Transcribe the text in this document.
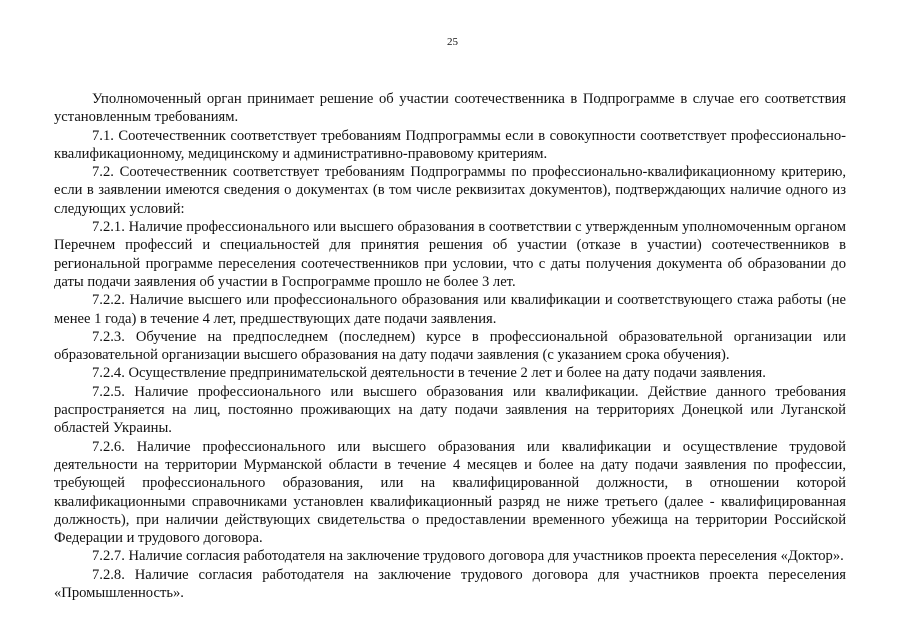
25

Уполномоченный орган принимает решение об участии соотечественника в Подпрограмме в случае его соответствия установленным требованиям.

7.1. Соотечественник соответствует требованиям Подпрограммы если в совокупности соответствует профессионально-квалификационному, медицинскому и административно-правовому критериям.

7.2. Соотечественник соответствует требованиям Подпрограммы по профессионально-квалификационному критерию, если в заявлении имеются сведения о документах (в том числе реквизитах документов), подтверждающих наличие одного из следующих условий:

7.2.1. Наличие профессионального или высшего образования в соответствии с утвержденным уполномоченным органом Перечнем профессий и специальностей для принятия решения об участии (отказе в участии) соотечественников в региональной программе переселения соотечественников при условии, что с даты получения документа об образовании до даты подачи заявления об участии в Госпрограмме прошло не более 3 лет.

7.2.2. Наличие высшего или профессионального образования или квалификации и соответствующего стажа работы (не менее 1 года) в течение 4 лет, предшествующих дате подачи заявления.

7.2.3. Обучение на предпоследнем (последнем) курсе в профессиональной образовательной организации или образовательной организации высшего образования на дату подачи заявления (с указанием срока обучения).

7.2.4. Осуществление предпринимательской деятельности в течение 2 лет и более на дату подачи заявления.

7.2.5. Наличие профессионального или высшего образования или квалификации. Действие данного требования распространяется на лиц, постоянно проживающих на дату подачи заявления на территориях Донецкой или Луганской областей Украины.

7.2.6. Наличие профессионального или высшего образования или квалификации и осуществление трудовой деятельности на территории Мурманской области в течение 4 месяцев и более на дату подачи заявления по профессии, требующей профессионального образования, или на квалифицированной должности, в отношении которой квалификационными справочниками установлен квалификационный разряд не ниже третьего (далее - квалифицированная должность), при наличии действующих свидетельства о предоставлении временного убежища на территории Российской Федерации и трудового договора.

7.2.7. Наличие согласия работодателя на заключение трудового договора для участников проекта переселения «Доктор».

7.2.8. Наличие согласия работодателя на заключение трудового договора для участников проекта переселения «Промышленность».
